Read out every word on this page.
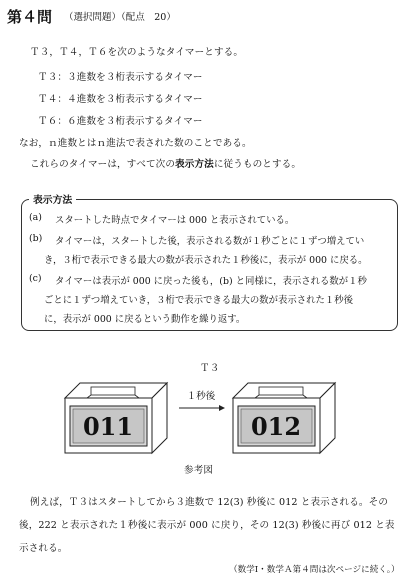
第４問 （選択問題）（配点　20）
Ｔ３，Ｔ４，Ｔ６を次のようなタイマーとする。
Ｔ３：３進数を３桁表示するタイマー
Ｔ４：４進数を３桁表示するタイマー
Ｔ６：６進数を３桁表示するタイマー
なお，ｎ進数とはｎ進法で表された数のことである。
これらのタイマーは，すべて次の表示方法に従うものとする。
表示方法
(a) スタートした時点でタイマーは 000 と表示されている。
(b) タイマーは，スタートした後，表示される数が１秒ごとに１ずつ増えてい
き，３桁で表示できる最大の数が表示された１秒後に，表示が 000 に戻る。
(c) タイマーは表示が 000 に戻った後も，(b) と同様に，表示される数が１秒
ごとに１ずつ増えていき，３桁で表示できる最大の数が表示された１秒後
に，表示が 000 に戻るという動作を繰り返す。
Ｔ３
011
１秒後
012
参考図
例えば，Ｔ３はスタートしてから３進数で 12(3) 秒後に 012 と表示される。その
後，222 と表示された１秒後に表示が 000 に戻り，その 12(3) 秒後に再び 012 と表
示される。
（数学Ⅰ・数学Ａ第４問は次ページに続く。）
